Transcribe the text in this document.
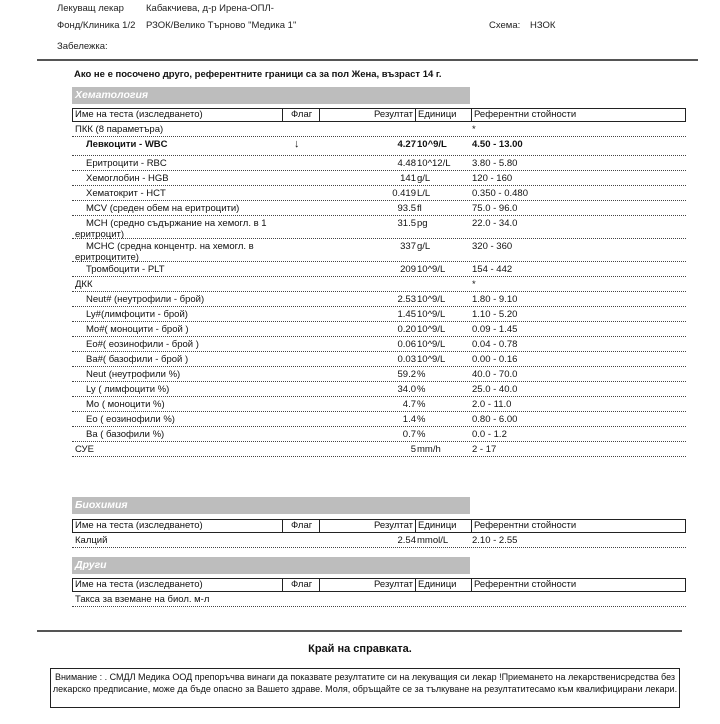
Лекуващ лекар Кабакчиева, д-р Ирена-ОПЛ-
Фонд/Клиника 1/2 РЗОК/Велико Търново "Медика 1"	Схема: НЗОК
Забележка:
Ако не е посочено друго, референтните граници са за пол Жена, възраст 14 г.
Хематология
Име на теста (изследването)	Флаг	Резултат Единици	Референтни стойности
ПКК (8 параметъра)	*
Левкоцити - WBC	↓	4.27 10^9/L	4.50 - 13.00
Еритроцити - RBC	4.48 10^12/L 3.80 - 5.80
Хемоглобин - HGB	141 g/L	120 - 160
Хематокрит - HCT	0.419 L/L	0.350 - 0.480
MCV (среден обем на еритроцити)	93.5 fl	75.0 - 96.0
MCH (средно съдържание на хемогл. в 1
еритроцит)
31.5 pg	22.0 - 34.0
MCHC (средна концентр. на хемогл. в
еритроцитите)
337 g/L	320 - 360
Тромбоцити - PLT	209 10^9/L	154 - 442
ДКК	*
Neut# (неутрофили - брой)	2.53 10^9/L	1.80 - 9.10
Ly#(лимфоцити - брой)	1.45 10^9/L	1.10 - 5.20
Mo#( моноцити - брой )	0.20 10^9/L	0.09 - 1.45
Eo#( еозинофили - брой )	0.06 10^9/L	0.04 - 0.78
Ba#( базофили - брой )	0.03 10^9/L	0.00 - 0.16
Neut (неутрофили %)	59.2 %	40.0 - 70.0
Ly ( лимфоцити %)	34.0 %	25.0 - 40.0
Mo ( моноцити %)	4.7 %	2.0 - 11.0
Eo ( еозинофили %)	1.4 %	0.80 - 6.00
Ba ( базофили %)	0.7 %	0.0 - 1.2
СУЕ	5 mm/h	2 - 17
Биохимия
Име на теста (изследването)	Флаг	Резултат Единици	Референтни стойности
Калций	2.54 mmol/L	2.10 - 2.55
Други
Име на теста (изследването)	Флаг	Резултат Единици	Референтни стойности
Такса за вземане на биол. м-л
Край на справката.
Внимание : . СМДЛ Медика ООД препоръчва винаги да показвате резултатите си на лекуващия си лекар !Приемането на лекарственисредства без лекарско предписание, може да бъде опасно за Вашето здраве. Моля, обръщайте се за тълкуване на резултатитесамо към квалифицирани лекари.
